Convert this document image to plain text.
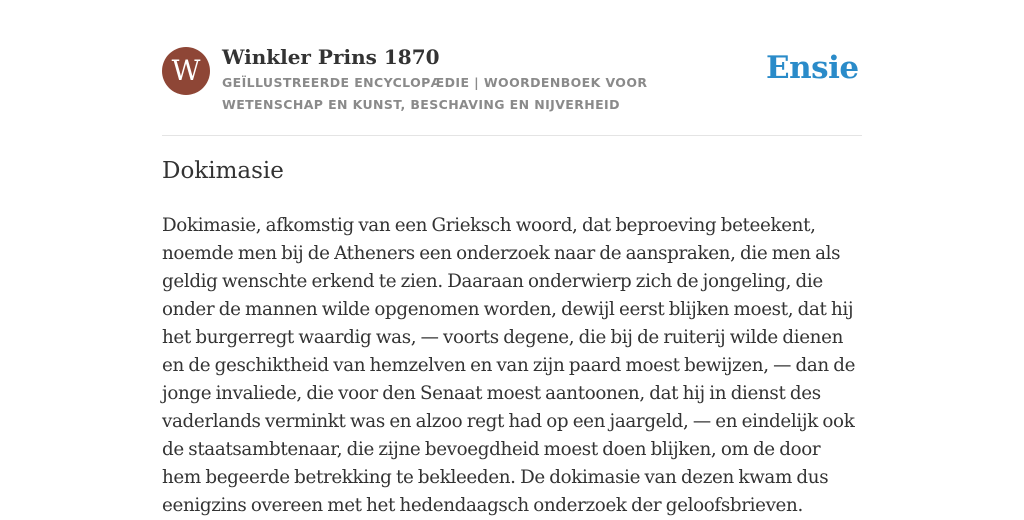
W Winkler Prins 1870

GEÏLLUSTREERDE ENCYCLOPÆDIE | WOORDENBOEK VOOR WETENSCHAP EN KUNST, BESCHAVING EN NIJVERHEID

Ensie
Dokimasie

Dokimasie, afkomstig van een Grieksch woord, dat beproeving beteekent, noemde men bij de Atheners een onderzoek naar de aanspraken, die men als geldig wenschte erkend te zien. Daaraan onderwierp zich de jongeling, die onder de mannen wilde opgenomen worden, dewijl eerst blijken moest, dat hij het burgerregt waardig was, — voorts degene, die bij de ruiterij wilde dienen en de geschiktheid van hemzelven en van zijn paard moest bewijzen, — dan de jonge invaliede, die voor den Senaat moest aantoonen, dat hij in dienst des vaderlands verminkt was en alzoo regt had op een jaargeld, — en eindelijk ook de staatsambtenaar, die zijne bevoegdheid moest doen blijken, om de door hem begeerde betrekking te bekleeden. De dokimasie van dezen kwam dus eenigzins overeen met het hedendaagsch onderzoek der geloofsbrieven.
